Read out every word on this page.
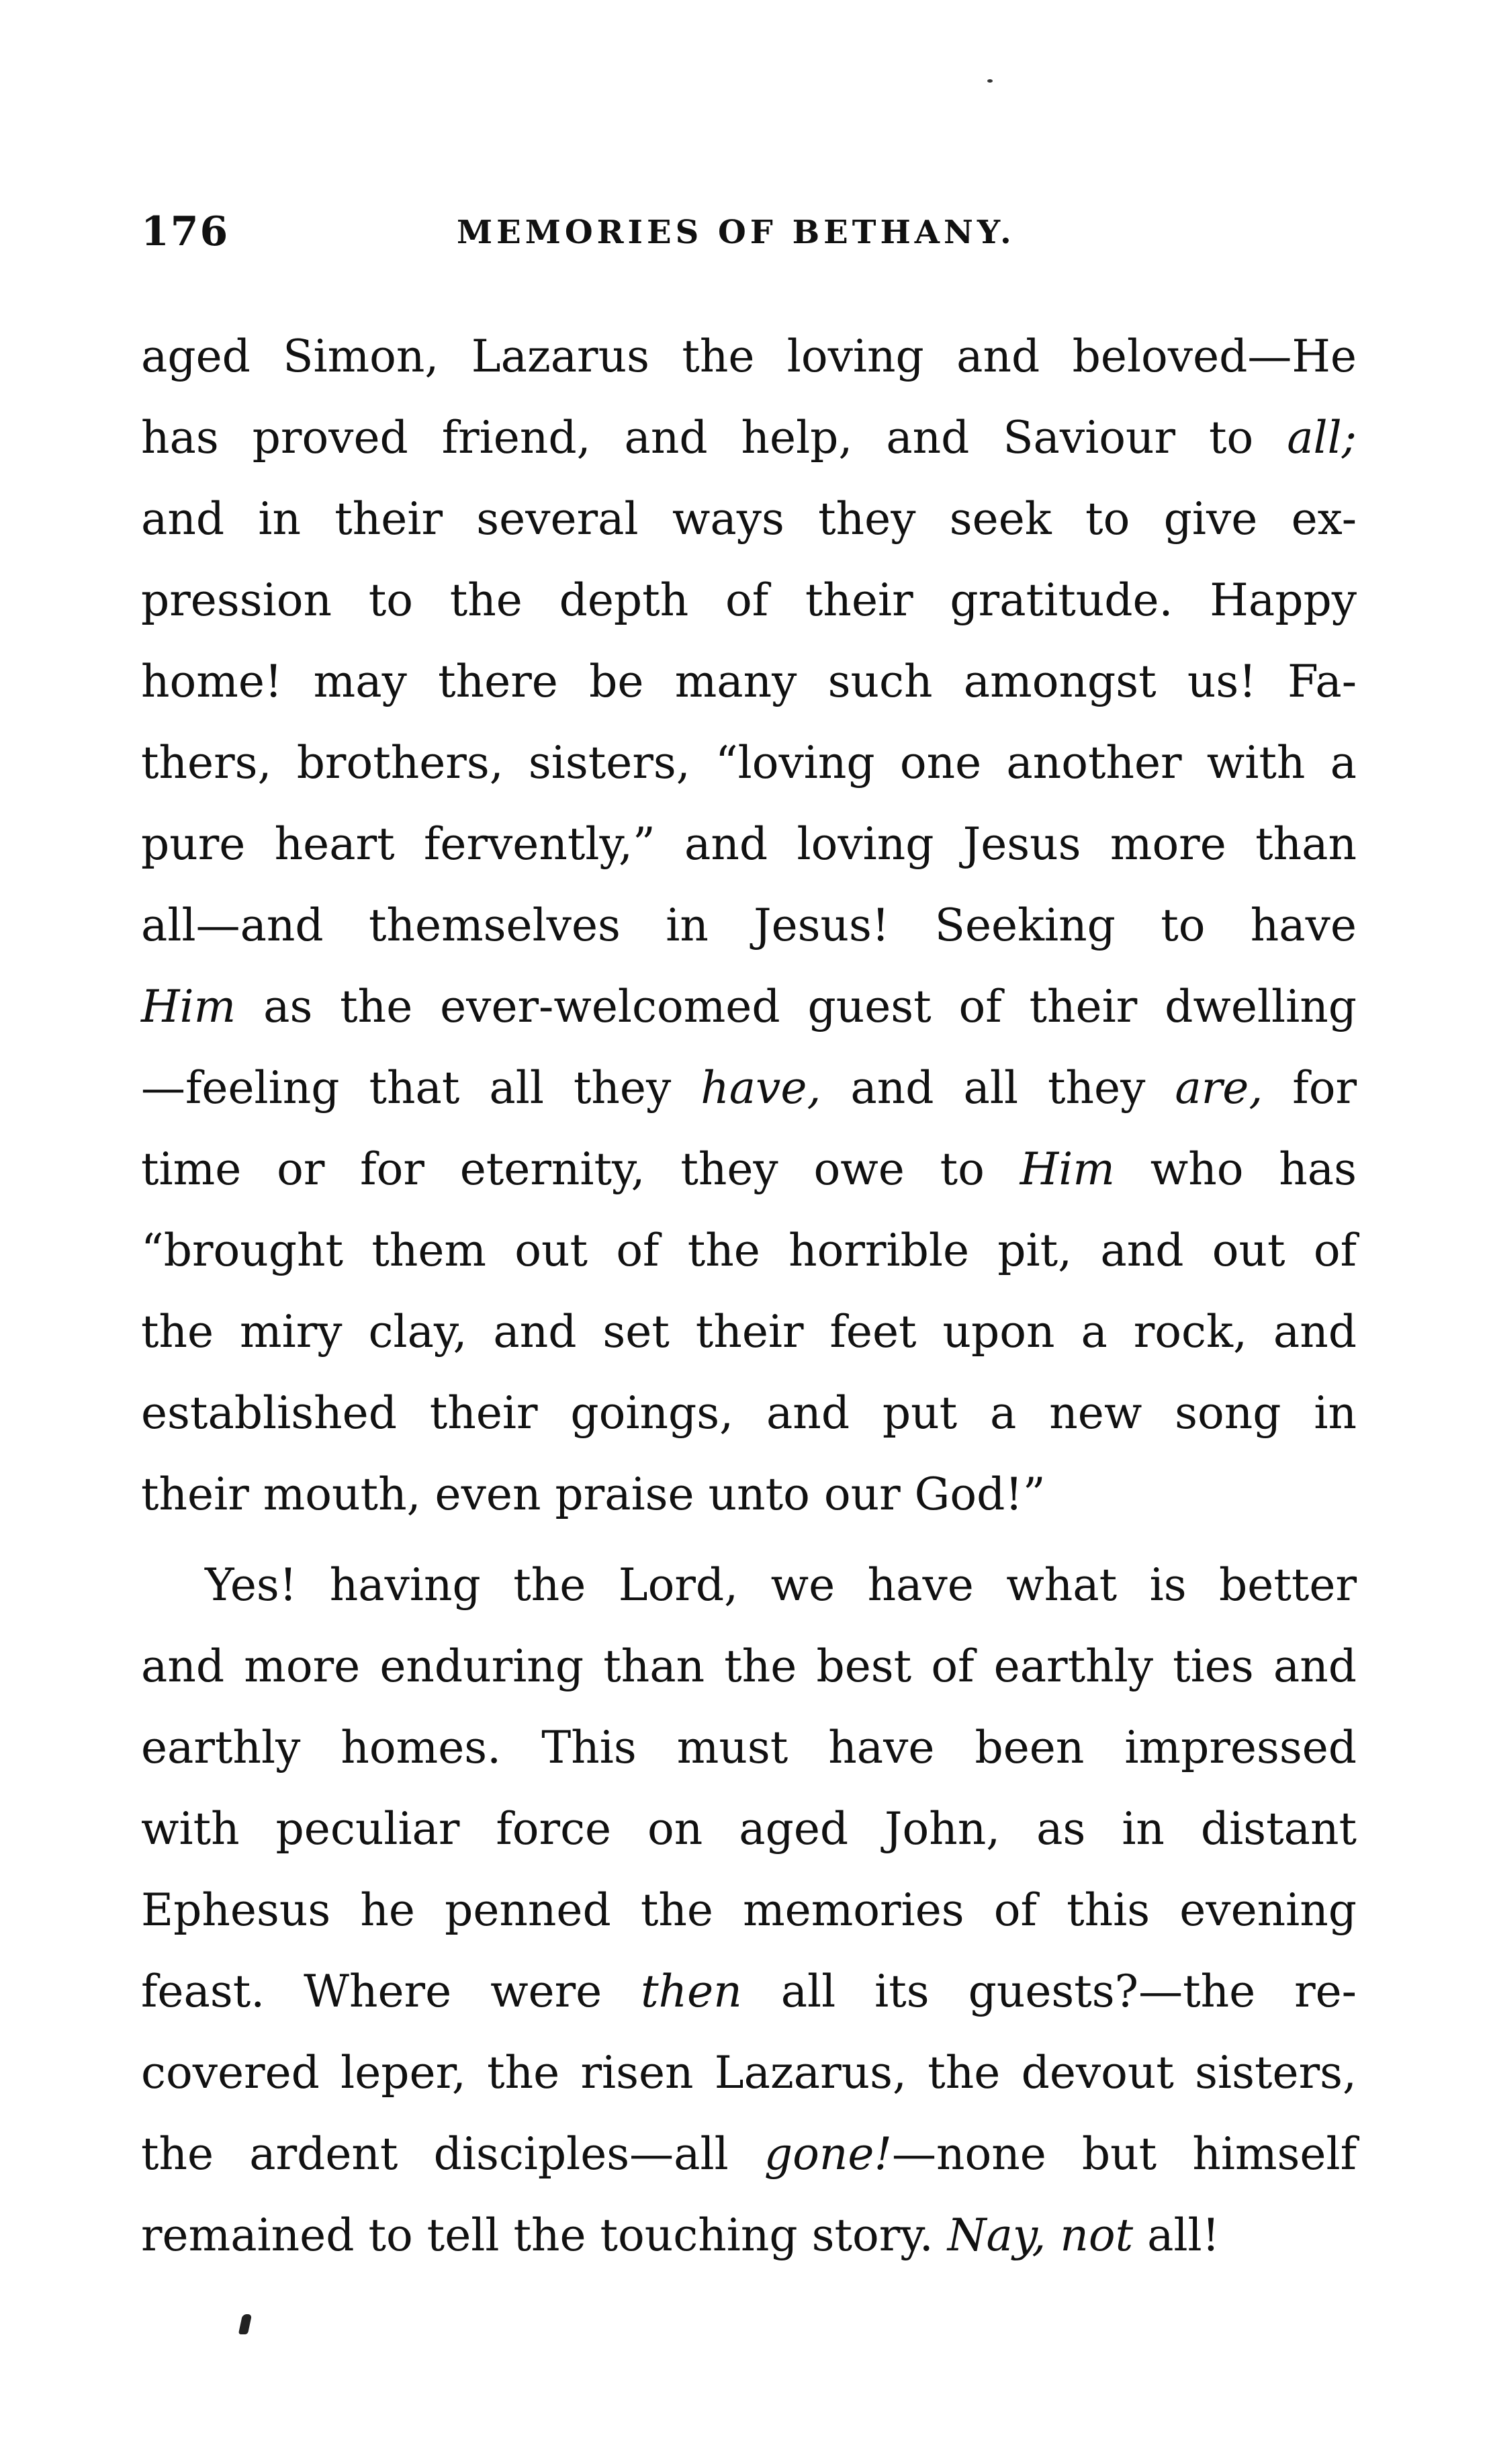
176	MEMORIES OF BETHANY.
aged Simon, Lazarus the loving and beloved—He
has proved friend, and help, and Saviour to all;
and in their several ways they seek to give ex-
pression to the depth of their gratitude. Happy
home! may there be many such amongst us! Fa-
thers, brothers, sisters, “loving one another with a
pure heart fervently,” and loving Jesus more than
all—and themselves in Jesus! Seeking to have
Him as the ever-welcomed guest of their dwelling
—feeling that all they have, and all they are, for
time or for eternity, they owe to Him who has
“brought them out of the horrible pit, and out of
the miry clay, and set their feet upon a rock, and
established their goings, and put a new song in
their mouth, even praise unto our God!”
Yes! having the Lord, we have what is better
and more enduring than the best of earthly ties and
earthly homes. This must have been impressed
with peculiar force on aged John, as in distant
Ephesus he penned the memories of this evening
feast. Where were then all its guests?—the re-
covered leper, the risen Lazarus, the devout sisters,
the ardent disciples—all gone!—none but himself
remained to tell the touching story. Nay, not all!
